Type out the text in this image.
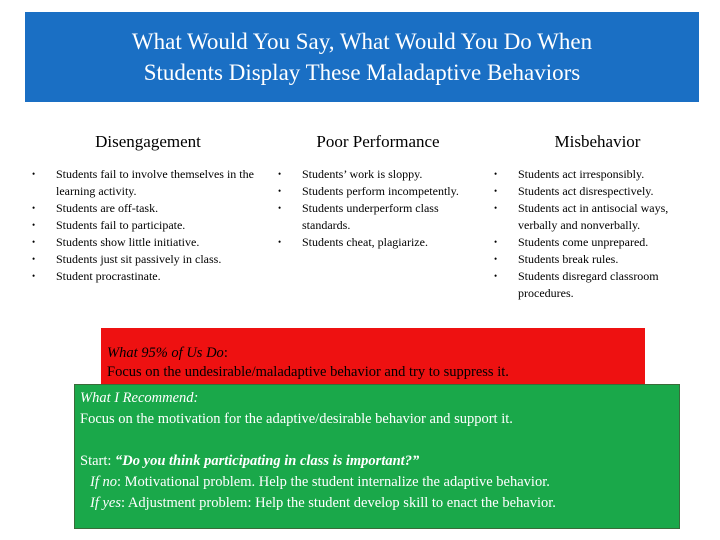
What Would You Say, What Would You Do When
Students Display These Maladaptive Behaviors
Disengagement
• Students fail to involve themselves in the learning activity.
• Students are off-task.
• Students fail to participate.
• Students show little initiative.
• Students just sit passively in class.
• Student procrastinate.
Poor Performance
• Students’ work is sloppy.
• Students perform incompetently.
• Students underperform class standards.
• Students cheat, plagiarize.
Misbehavior
• Students act irresponsibly.
• Students act disrespectively.
• Students act in antisocial ways, verbally and nonverbally.
• Students come unprepared.
• Students break rules.
• Students disregard classroom procedures.
What 95% of Us Do:
Focus on the undesirable/maladaptive behavior and try to suppress it.
What I Recommend:
Focus on the motivation for the adaptive/desirable behavior and support it.
Start: “Do you think participating in class is important?”
If no: Motivational problem. Help the student internalize the adaptive behavior.
If yes: Adjustment problem: Help the student develop skill to enact the behavior.
